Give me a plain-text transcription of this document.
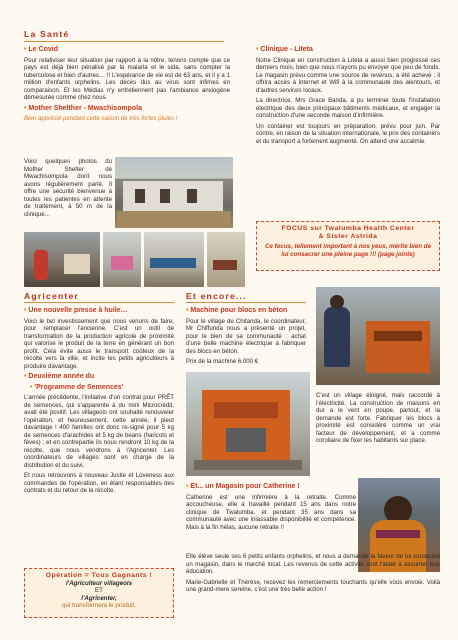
La Santé
• Le Covid

Pour relativiser leur situation par rapport à la nôtre, tenons compte que ce pays est déjà bien pénalisé par la malaria et le sida, sans compter la tuberculose et bien d'autres… !! L'espérance de vie est de 63 ans, et il y a 1 million d'enfants orphelins. Les décès dus au virus sont infimes en comparaison. Et les Médias n'y entretiennent pas l'ambiance anxiogène démesurée comme chez nous.

• Mother Shelther - Mwachisompola
Bien apprécié pendant cette saison de très fortes pluies !

Voici quelques photos du Mother Shelter de Mwachisompola dont nous avons régulièrement parlé. Il offre une sécurité bienvenue à toutes les patientes en attente de traitement, à 50 m de la clinique…

• Clinique - Liteta

Notre Clinique en construction à Liteta a aussi bien progressé ces derniers mois, bien que nous n'ayons pu envoyer que peu de fonds. Le magasin prévu comme une source de revenus, a été achevé ; il offrira accès à internet et Wifi à la communauté des alentours, et d'autres services locaux.

La directrice, Mrs Grace Banda, a pu terminer toute l'installation électrique des deux principaux bâtiments médicaux, et engager la construction d'une seconde maison d'infirmière.

Un container est toujours en préparation, prévu pour juin. Par contre, en raison de la situation internationale, le prix des containers et du transport a fortement augmenté. On attend une accalmie.

FOCUS sur Twalumba Health Center
& Sister Astrida
Ce focus, tellement important à nos yeux, mérite bien de lui consacrer une pleine page !!! (page jointe)
Agricenter
• Une nouvelle presse à huile…

Voici le bel investissement que nous venons de faire, pour remplacer l'ancienne. C'est un outil de transformation de la production agricole de proximité qui valorise le produit de la terre en générant un bon profit. Cela évite aussi le transport coûteux de la récolte vers la ville, et incite les petits agriculteurs à produire davantage.

• Deuxième année du
• 'Programme de Semences'

L'année précédente, l'initiative d'un contrat pour PRÊT de semences, qui s'apparente à du mini Microcrédit, avait été positif. Les villageois ont souhaité renouveler l'opération, et heureusement, cette année, il pleut davantage ! 400 familles ont donc re-signé pour 5 kg de semences d'arachides et 5 kg de beans (haricots et fèves) ; et en contrepartie ils nous rendront 10 kg de la récolte, que nous vendrons à l'Agricenter. Les coordinateurs de villages sont en charge de la distribution et du suivi.

Et nous retrouvons à nouveau Justie et Loveness aux commandes de l'opération, en étant responsables des contrats et du retour de la récolte.

Opération = Tous Gagnants !
l'Agriculteur villageois
ET
l'Agricenter,
qui transformera le produit.
Et encore...
• Machine pour blocs en béton

Pour le village de Chitanda, le coordinateur, Mr Chiffunda nous a présenté un projet, pour le bien de sa communauté : achat d'une belle machine électrique à fabriquer des blocs en béton.

Prix de la machine 6.000 €

C'est un village éloigné, mais raccordé à l'électricité. La construction de maisons en dur a le vent en poupe, partout, et la demande est forte. Fabriquer les blocs à proximité est considéré comme un vrai facteur de développement, et a comme corollaire de fixer les habitants sur place.

• Et... un Magasin pour Catherine !

Catherine est une infirmière à la retraite. Comme accoucheuse, elle a travaillé pendant 15 ans dans notre clinique de Twalumba, et pendant 35 ans dans sa communauté avec une inlassable disponibilité et compétence. Mais à la fin hélas, aucune retraite !!

Elle élève seule ses 6 petits enfants orphelins, et nous a demandé la faveur de lui construire un magasin, dans le marché local. Les revenus de cette activité vont l'aider à assumer leur éducation.

Marie-Gabrielle et Thérèse, recevez les remerciements touchants qu'elle vous envoie. Voilà une grand-mere sereine, c'est une très belle action !
